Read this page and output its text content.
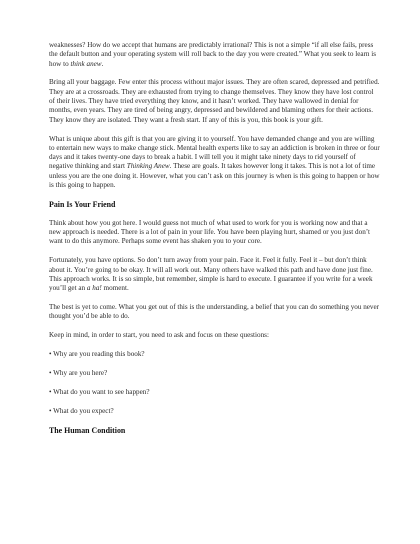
weaknesses? How do we accept that humans are predictably irrational? This is not a simple “if all else fails, press the default button and your operating system will roll back to the day you were created.” What you seek to learn is how to think anew.

Bring all your baggage. Few enter this process without major issues. They are often scared, depressed and petrified. They are at a crossroads. They are exhausted from trying to change themselves. They know they have lost control of their lives. They have tried everything they know, and it hasn’t worked. They have wallowed in denial for months, even years. They are tired of being angry, depressed and bewildered and blaming others for their actions. They know they are isolated. They want a fresh start. If any of this is you, this book is your gift.

What is unique about this gift is that you are giving it to yourself. You have demanded change and you are willing to entertain new ways to make change stick. Mental health experts like to say an addiction is broken in three or four days and it takes twenty-one days to break a habit. I will tell you it might take ninety days to rid yourself of negative thinking and start Thinking Anew. These are goals. It takes however long it takes. This is not a lot of time unless you are the one doing it. However, what you can’t ask on this journey is when is this going to happen or how is this going to happen.

Pain Is Your Friend

Think about how you got here. I would guess not much of what used to work for you is working now and that a new approach is needed. There is a lot of pain in your life. You have been playing hurt, shamed or you just don’t want to do this anymore. Perhaps some event has shaken you to your core.

Fortunately, you have options. So don’t turn away from your pain. Face it. Feel it fully. Feel it – but don’t think about it. You’re going to be okay. It will all work out. Many others have walked this path and have done just fine. This approach works. It is so simple, but remember, simple is hard to execute. I guarantee if you write for a week you’ll get an a ha! moment.

The best is yet to come. What you get out of this is the understanding, a belief that you can do something you never thought you’d be able to do.

Keep in mind, in order to start, you need to ask and focus on these questions:

• Why are you reading this book?

• Why are you here?

• What do you want to see happen?

• What do you expect?

The Human Condition
